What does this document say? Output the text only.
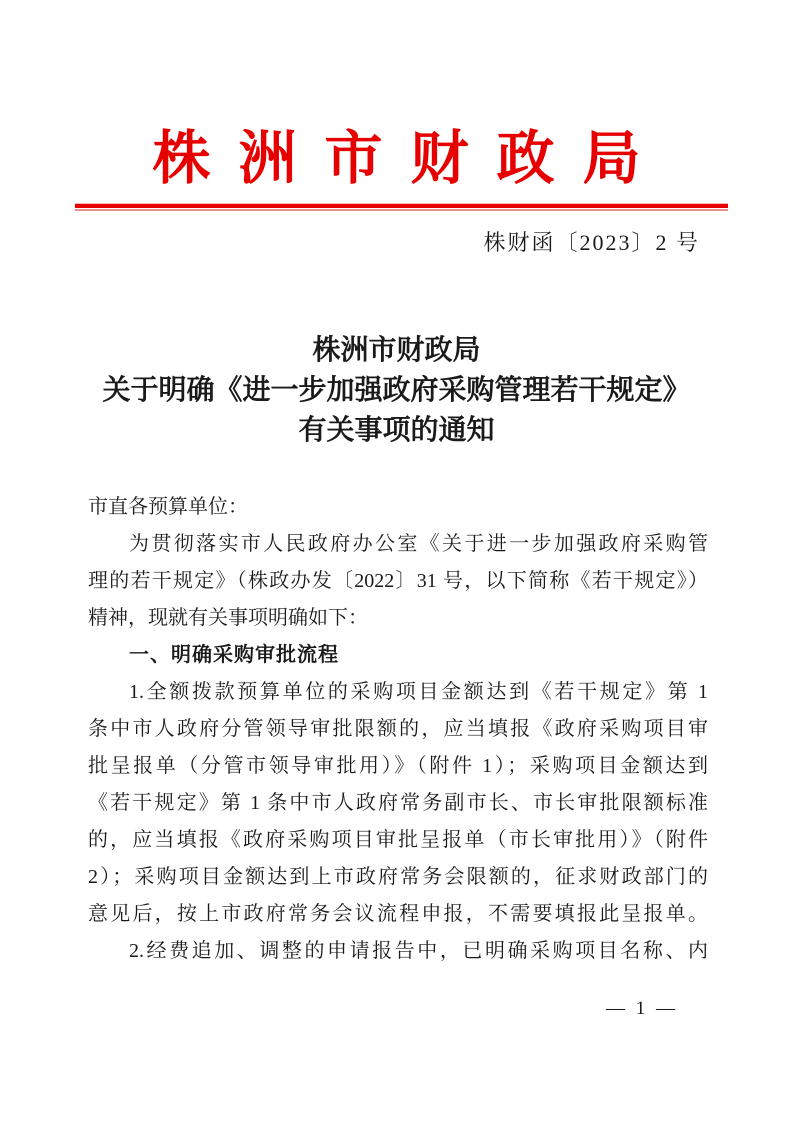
株洲市财政局
株财函〔2023〕2 号
株洲市财政局
关于明确《进一步加强政府采购管理若干规定》
有关事项的通知
市直各预算单位：
为贯彻落实市人民政府办公室《关于进一步加强政府采购管
理的若干规定》（株政办发〔2022〕31 号，以下简称《若干规定》）
精神，现就有关事项明确如下：
一、明确采购审批流程
1.全额拨款预算单位的采购项目金额达到《若干规定》第 1
条中市人政府分管领导审批限额的，应当填报《政府采购项目审
批呈报单（分管市领导审批用）》（附件 1）；采购项目金额达到
《若干规定》第 1 条中市人政府常务副市长、市长审批限额标准
的，应当填报《政府采购项目审批呈报单（市长审批用）》（附件
2）；采购项目金额达到上市政府常务会限额的，征求财政部门的
意见后，按上市政府常务会议流程申报，不需要填报此呈报单。
2.经费追加、调整的申请报告中，已明确采购项目名称、内
— 1 —
